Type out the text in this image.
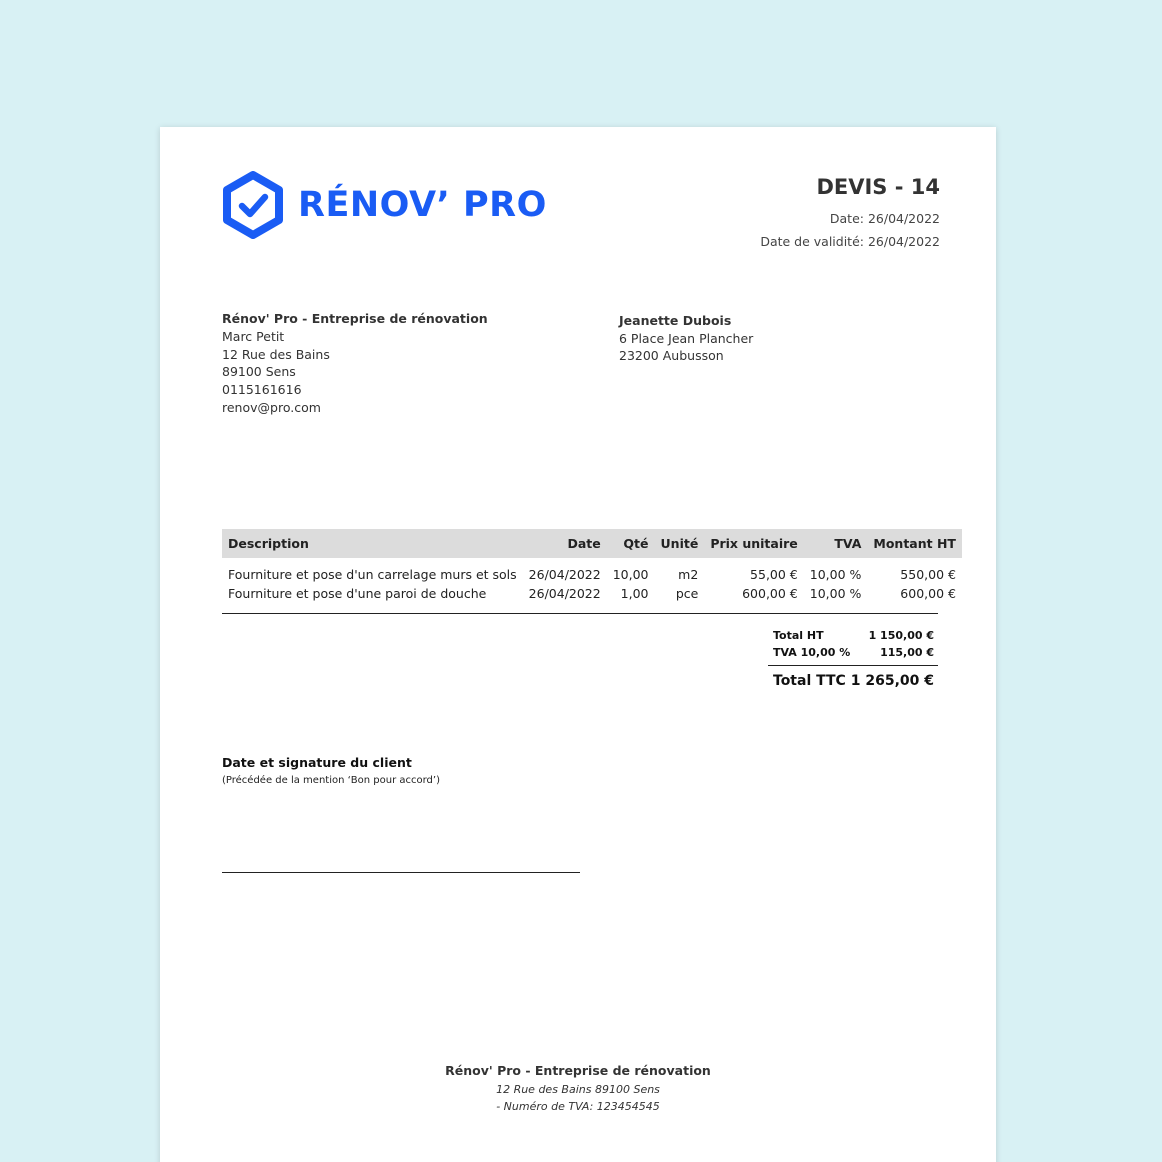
RÉNOV’ PRO	DEVIS - 14
Date: 26/04/2022
Date de validité: 26/04/2022
Rénov' Pro - Entreprise de rénovation
Marc Petit
12 Rue des Bains
89100 Sens
0115161616
renov@pro.com
Jeanette Dubois
6 Place Jean Plancher
23200 Aubusson
Description	Date	Qté	Unité	Prix unitaire	TVA	Montant HT
Fourniture et pose d'un carrelage murs et sols	26/04/2022	10,00	m2	55,00 €	10,00 %	550,00 €
Fourniture et pose d'une paroi de douche	26/04/2022	1,00	pce	600,00 €	10,00 %	600,00 €
Total HT	1 150,00 €
TVA 10,00 %	115,00 €
Total TTC 1 265,00 €
Date et signature du client
(Précédée de la mention ‘Bon pour accord’)
Rénov' Pro - Entreprise de rénovation
12 Rue des Bains 89100 Sens
- Numéro de TVA: 123454545
